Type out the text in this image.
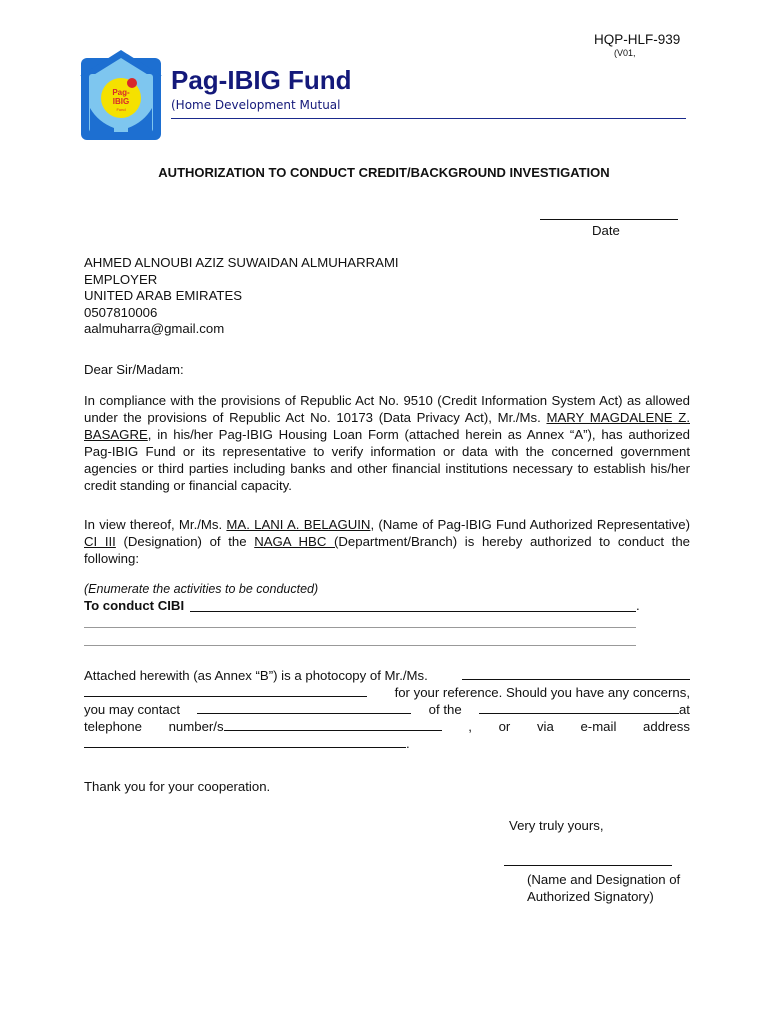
HQP-HLF-939
(V01,
Pag-
IBIG
Fund
Pag-IBIG Fund
(Home Development Mutual
AUTHORIZATION TO CONDUCT CREDIT/BACKGROUND INVESTIGATION
Date
AHMED ALNOUBI AZIZ SUWAIDAN ALMUHARRAMI
EMPLOYER
UNITED ARAB EMIRATES
0507810006
aalmuharra@gmail.com
Dear Sir/Madam:
In compliance with the provisions of Republic Act No. 9510 (Credit Information System Act) as allowed under the provisions of Republic Act No. 10173 (Data Privacy Act), Mr./Ms. MARY MAGDALENE Z. BASAGRE, in his/her Pag-IBIG Housing Loan Form (attached herein as Annex “A”), has authorized Pag-IBIG Fund or its representative to verify information or data with the concerned government agencies or third parties including banks and other financial institutions necessary to establish his/her credit standing or financial capacity.
In view thereof, Mr./Ms. MA. LANI A. BELAGUIN, (Name of Pag-IBIG Fund Authorized Representative) CI III (Designation) of the NAGA HBC (Department/Branch) is hereby authorized to conduct the following:
(Enumerate the activities to be conducted)
To conduct CIBI	.
Attached herewith (as Annex “B”) is a photocopy of Mr./Ms.
for your reference. Should you have any concerns,
you may contact	of the	at
telephone number/s	, or via e-mail address
.
Thank you for your cooperation.
Very truly yours,
(Name and Designation of
Authorized Signatory)
